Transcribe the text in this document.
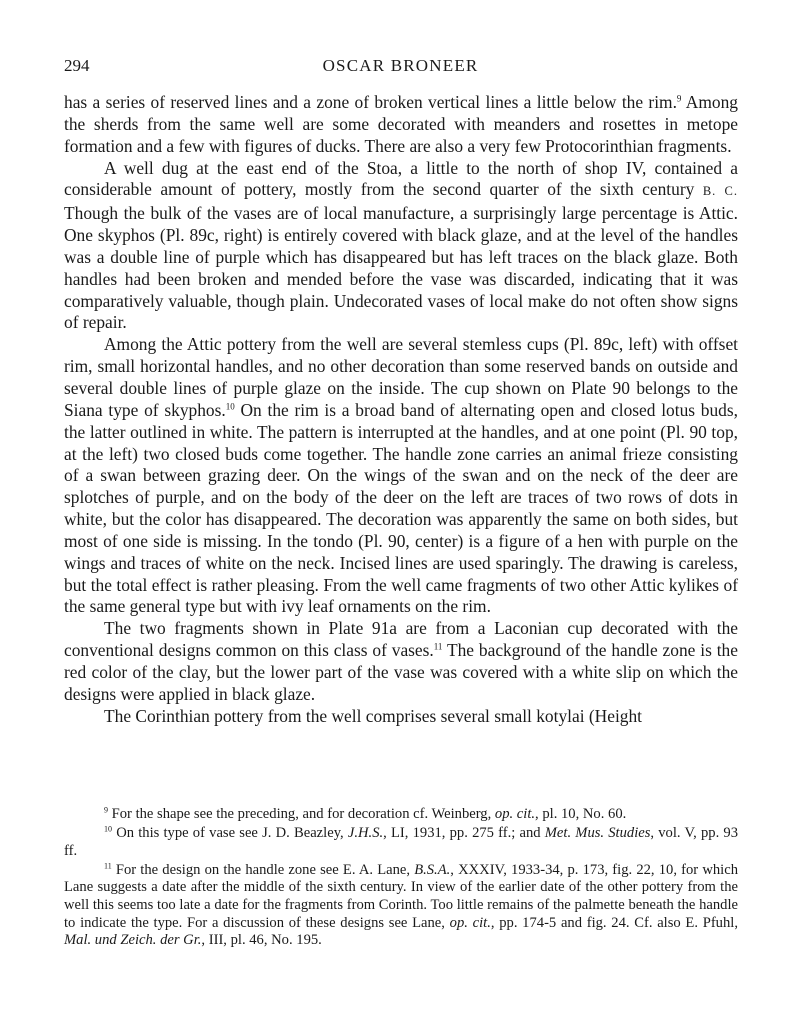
294	OSCAR BRONEER

has a series of reserved lines and a zone of broken vertical lines a little below the rim.$^9$ Among the sherds from the same well are some decorated with meanders and rosettes in metope formation and a few with figures of ducks. There are also a very few Protocorinthian fragments.

A well dug at the east end of the Stoa, a little to the north of shop IV, contained a considerable amount of pottery, mostly from the second quarter of the sixth century B. C. Though the bulk of the vases are of local manufacture, a surprisingly large percentage is Attic. One skyphos (Pl. 89c, right) is entirely covered with black glaze, and at the level of the handles was a double line of purple which has disappeared but has left traces on the black glaze. Both handles had been broken and mended before the vase was discarded, indicating that it was comparatively valuable, though plain. Undecorated vases of local make do not often show signs of repair.

Among the Attic pottery from the well are several stemless cups (Pl. 89c, left) with offset rim, small horizontal handles, and no other decoration than some reserved bands on outside and several double lines of purple glaze on the inside. The cup shown on Plate 90 belongs to the Siana type of skyphos.$^{10}$ On the rim is a broad band of alternating open and closed lotus buds, the latter outlined in white. The pattern is interrupted at the handles, and at one point (Pl. 90 top, at the left) two closed buds come together. The handle zone carries an animal frieze consisting of a swan between grazing deer. On the wings of the swan and on the neck of the deer are splotches of purple, and on the body of the deer on the left are traces of two rows of dots in white, but the color has disappeared. The decoration was apparently the same on both sides, but most of one side is missing. In the tondo (Pl. 90, center) is a figure of a hen with purple on the wings and traces of white on the neck. Incised lines are used sparingly. The drawing is careless, but the total effect is rather pleasing. From the well came fragments of two other Attic kylikes of the same general type but with ivy leaf ornaments on the rim.

The two fragments shown in Plate 91a are from a Laconian cup decorated with the conventional designs common on this class of vases.$^{11}$ The background of the handle zone is the red color of the clay, but the lower part of the vase was covered with a white slip on which the designs were applied in black glaze.

The Corinthian pottery from the well comprises several small kotylai (Height

$^9$ For the shape see the preceding, and for decoration cf. Weinberg, op. cit., pl. 10, No. 60.

$^{10}$ On this type of vase see J. D. Beazley, J.H.S., LI, 1931, pp. 275 ff.; and Met. Mus. Studies, vol. V, pp. 93 ff.

$^{11}$ For the design on the handle zone see E. A. Lane, B.S.A., XXXIV, 1933-34, p. 173, fig. 22, 10, for which Lane suggests a date after the middle of the sixth century. In view of the earlier date of the other pottery from the well this seems too late a date for the fragments from Corinth. Too little remains of the palmette beneath the handle to indicate the type. For a discussion of these designs see Lane, op. cit., pp. 174-5 and fig. 24. Cf. also E. Pfuhl, Mal. und Zeich. der Gr., III, pl. 46, No. 195.
